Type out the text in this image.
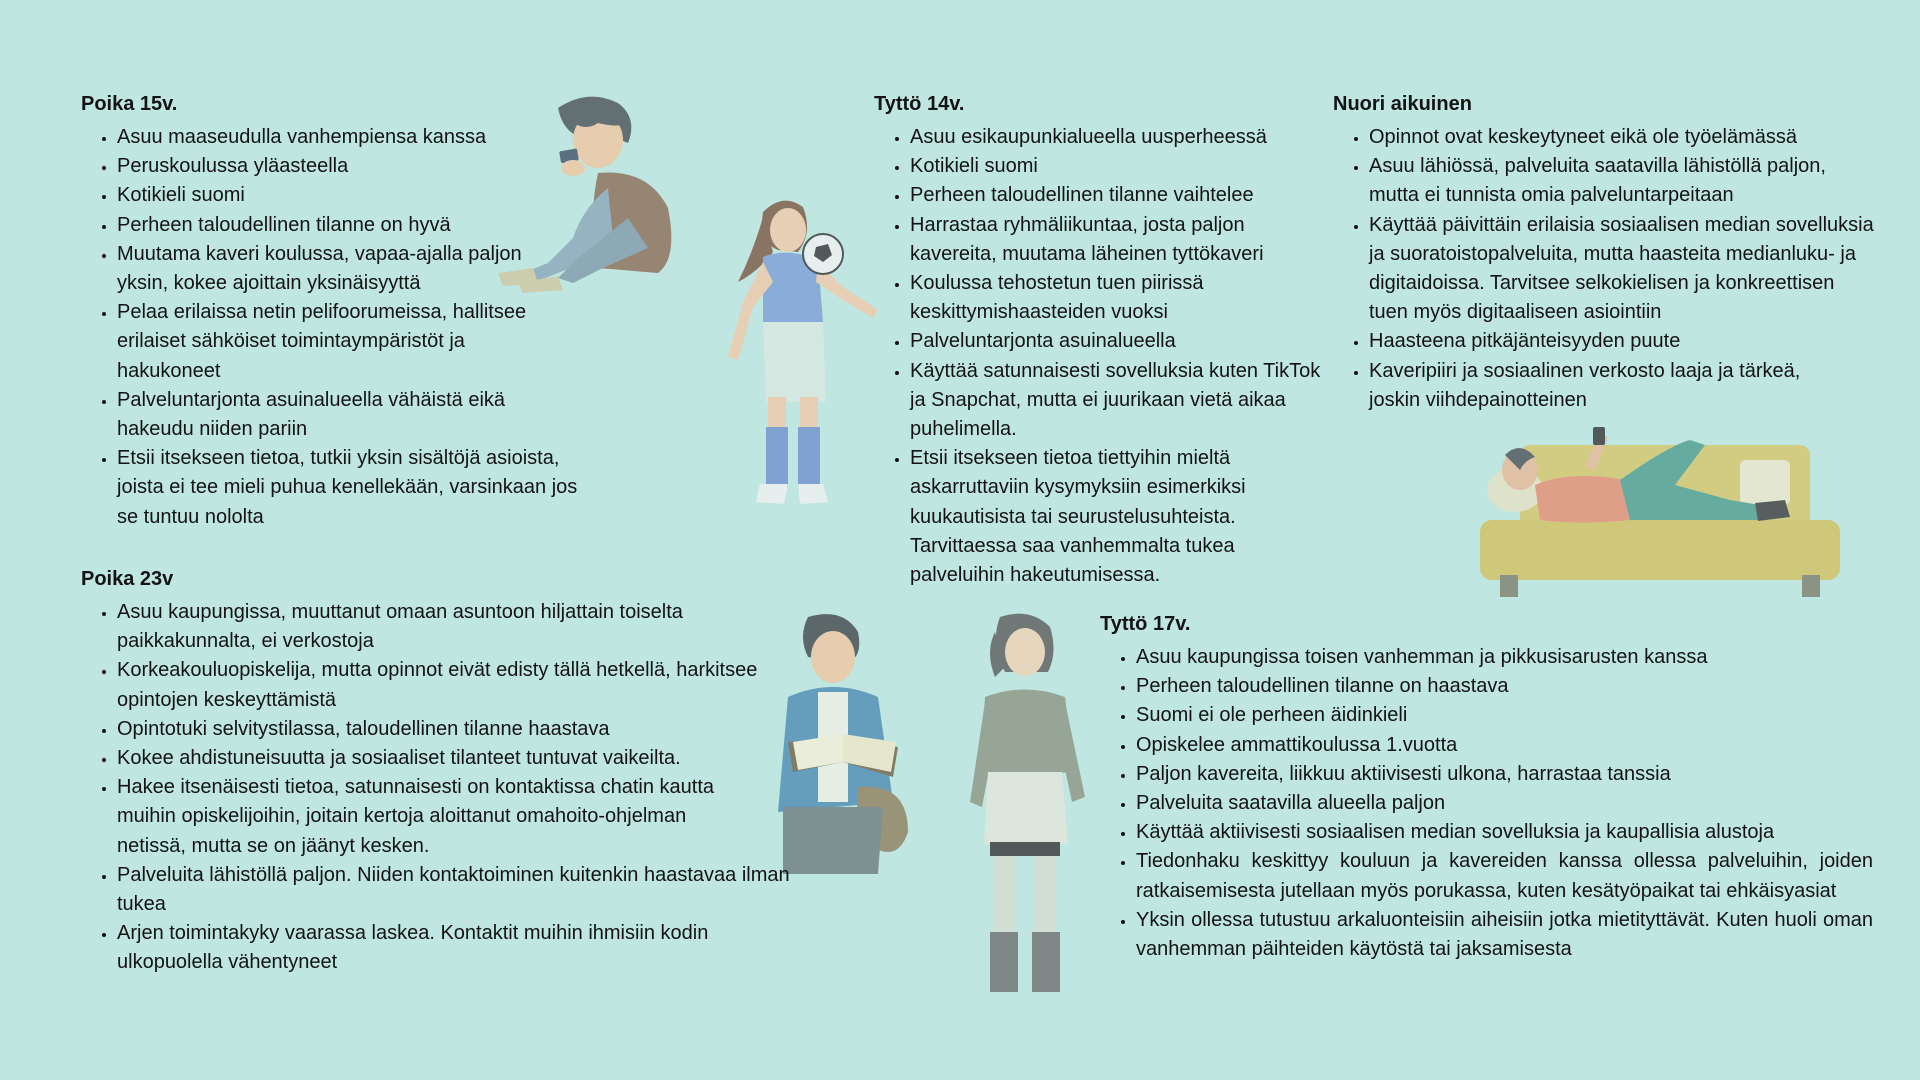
Poika 15v.
• Asuu maaseudulla vanhempiensa kanssa
• Peruskoulussa yläasteella
• Kotikieli suomi
• Perheen taloudellinen tilanne on hyvä
• Muutama kaveri koulussa, vapaa-ajalla paljon yksin, kokee ajoittain yksinäisyyttä
• Pelaa erilaissa netin pelifoorumeissa, hallitsee erilaiset sähköiset toimintaympäristöt ja hakukoneet
• Palveluntarjonta asuinalueella vähäistä eikä hakeudu niiden pariin
• Etsii itsekseen tietoa, tutkii yksin sisältöjä asioista, joista ei tee mieli puhua kenellekään, varsinkaan jos se tuntuu nololta
Tyttö 14v.
• Asuu esikaupunkialueella uusperheessä
• Kotikieli suomi
• Perheen taloudellinen tilanne vaihtelee
• Harrastaa ryhmäliikuntaa, josta paljon kavereita, muutama läheinen tyttökaveri
• Koulussa tehostetun tuen piirissä keskittymishaasteiden vuoksi
• Palveluntarjonta asuinalueella
• Käyttää satunnaisesti sovelluksia kuten TikTok ja Snapchat, mutta ei juurikaan vietä aikaa puhelimella.
• Etsii itsekseen tietoa tiettyihin mieltä askarruttaviin kysymyksiin esimerkiksi kuukautisista tai seurustelusuhteista. Tarvittaessa saa vanhemmalta tukea palveluihin hakeutumisessa.
Nuori aikuinen
• Opinnot ovat keskeytyneet eikä ole työelämässä
• Asuu lähiössä, palveluita saatavilla lähistöllä paljon, mutta ei tunnista omia palveluntarpeitaan
• Käyttää päivittäin erilaisia sosiaalisen median sovelluksia ja suoratoistopalveluita, mutta haasteita medianluku- ja digitaidoissa. Tarvitsee selkokielisen ja konkreettisen tuen myös digitaaliseen asiointiin
• Haasteena pitkäjänteisyyden puute
• Kaveripiiri ja sosiaalinen verkosto laaja ja tärkeä, joskin viihdepainotteinen
Poika 23v
• Asuu kaupungissa, muuttanut omaan asuntoon hiljattain toiselta paikkakunnalta, ei verkostoja
• Korkeakouluopiskelija, mutta opinnot eivät edisty tällä hetkellä, harkitsee opintojen keskeyttämistä
• Opintotuki selvitystilassa, taloudellinen tilanne haastava
• Kokee ahdistuneisuutta ja sosiaaliset tilanteet tuntuvat vaikeilta.
• Hakee itsenäisesti tietoa, satunnaisesti on kontaktissa chatin kautta muihin opiskelijoihin, joitain kertoja aloittanut omahoito-ohjelman netissä, mutta se on jäänyt kesken.
• Palveluita lähistöllä paljon. Niiden kontaktoiminen kuitenkin haastavaa ilman tukea
• Arjen toimintakyky vaarassa laskea. Kontaktit muihin ihmisiin kodin ulkopuolella vähentyneet
Tyttö 17v.
• Asuu kaupungissa toisen vanhemman ja pikkusisarusten kanssa
• Perheen taloudellinen tilanne on haastava
• Suomi ei ole perheen äidinkieli
• Opiskelee ammattikoulussa 1.vuotta
• Paljon kavereita, liikkuu aktiivisesti ulkona, harrastaa tanssia
• Palveluita saatavilla alueella paljon
• Käyttää aktiivisesti sosiaalisen median sovelluksia ja kaupallisia alustoja
• Tiedonhaku keskittyy kouluun ja kavereiden kanssa ollessa palveluihin, joiden ratkaisemisesta jutellaan myös porukassa, kuten kesätyöpaikat tai ehkäisyasiat
• Yksin ollessa tutustuu arkaluonteisiin aiheisiin jotka mietityttävät. Kuten huoli oman vanhemman päihteiden käytöstä tai jaksamisesta
